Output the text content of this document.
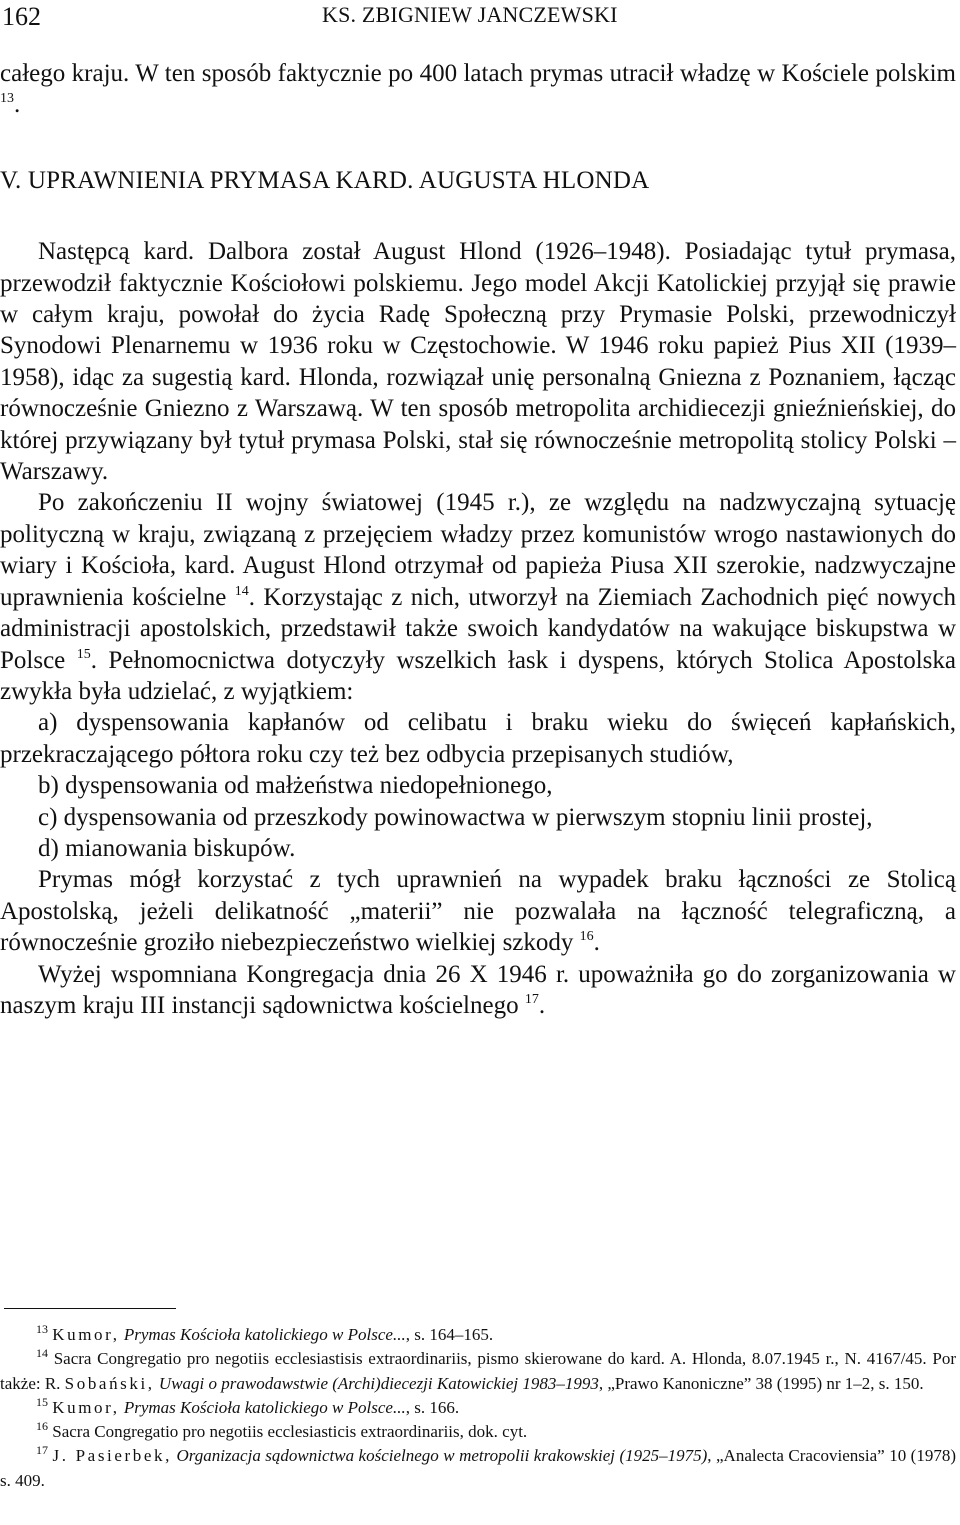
162	KS. ZBIGNIEW JANCZEWSKI

całego kraju. W ten sposób faktycznie po 400 latach prymas utracił władzę w Kościele polskim $^{13}$.

V. UPRAWNIENIA PRYMASA KARD. AUGUSTA HLONDA

Następcą kard. Dalbora został August Hlond (1926–1948). Posiadając tytuł prymasa, przewodził faktycznie Kościołowi polskiemu. Jego model Akcji Katolickiej przyjął się prawie w całym kraju, powołał do życia Radę Społeczną przy Prymasie Polski, przewodniczył Synodowi Plenarnemu w 1936 roku w Częstochowie. W 1946 roku papież Pius XII (1939–1958), idąc za sugestią kard. Hlonda, rozwiązał unię personalną Gniezna z Poznaniem, łącząc równocześnie Gniezno z Warszawą. W ten sposób metropolita archidiecezji gnieźnieńskiej, do której przywiązany był tytuł prymasa Polski, stał się równocześnie metropolitą stolicy Polski – Warszawy.

Po zakończeniu II wojny światowej (1945 r.), ze względu na nadzwyczajną sytuację polityczną w kraju, związaną z przejęciem władzy przez komunistów wrogo nastawionych do wiary i Kościoła, kard. August Hlond otrzymał od papieża Piusa XII szerokie, nadzwyczajne uprawnienia kościelne $^{14}$. Korzystając z nich, utworzył na Ziemiach Zachodnich pięć nowych administracji apostolskich, przedstawił także swoich kandydatów na wakujące biskupstwa w Polsce $^{15}$. Pełnomocnictwa dotyczyły wszelkich łask i dyspens, których Stolica Apostolska zwykła była udzielać, z wyjątkiem:

a) dyspensowania kapłanów od celibatu i braku wieku do święceń kapłańskich, przekraczającego półtora roku czy też bez odbycia przepisanych studiów,

b) dyspensowania od małżeństwa niedopełnionego,

c) dyspensowania od przeszkody powinowactwa w pierwszym stopniu linii prostej,

d) mianowania biskupów.

Prymas mógł korzystać z tych uprawnień na wypadek braku łączności ze Stolicą Apostolską, jeżeli delikatność „materii” nie pozwalała na łączność telegraficzną, a równocześnie groziło niebezpieczeństwo wielkiej szkody $^{16}$.

Wyżej wspomniana Kongregacja dnia 26 X 1946 r. upoważniła go do zorganizowania w naszym kraju III instancji sądownictwa kościelnego $^{17}$.

$^{13}$ Kumor, Prymas Kościoła katolickiego w Polsce..., s. 164–165.

$^{14}$ Sacra Congregatio pro negotiis ecclesiastisis extraordinariis, pismo skierowane do kard. A. Hlonda, 8.07.1945 r., N. 4167/45. Por także: R. Sobański, Uwagi o prawodawstwie (Archi)diecezji Katowickiej 1983–1993, „Prawo Kanoniczne” 38 (1995) nr 1–2, s. 150.

$^{15}$ Kumor, Prymas Kościoła katolickiego w Polsce..., s. 166.

$^{16}$ Sacra Congregatio pro negotiis ecclesiasticis extraordinariis, dok. cyt.

$^{17}$ J. Pasierbek, Organizacja sądownictwa kościelnego w metropolii krakowskiej (1925–1975), „Analecta Cracoviensia” 10 (1978) s. 409.
